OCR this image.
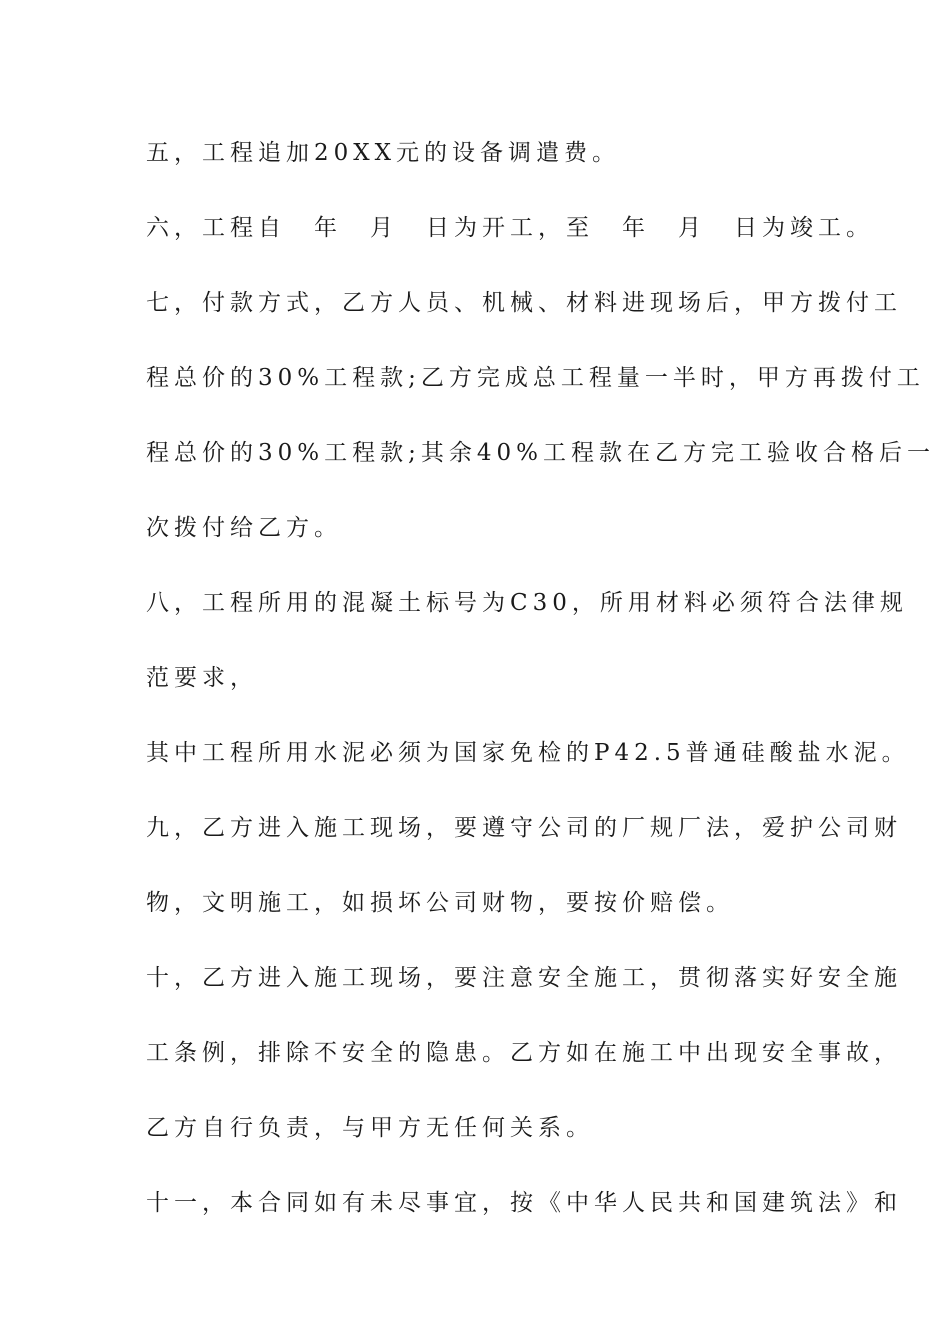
五，工程追加20XX元的设备调遣费。
六，工程自　年　月　日为开工，至　年　月　日为竣工。
七，付款方式，乙方人员、机械、材料进现场后，甲方拨付工
程总价的30%工程款;乙方完成总工程量一半时，甲方再拨付工
程总价的30%工程款;其余40%工程款在乙方完工验收合格后一
次拨付给乙方。
八，工程所用的混凝土标号为C30，所用材料必须符合法律规
范要求，
其中工程所用水泥必须为国家免检的P42.5普通硅酸盐水泥。
九，乙方进入施工现场，要遵守公司的厂规厂法，爱护公司财
物，文明施工，如损坏公司财物，要按价赔偿。
十，乙方进入施工现场，要注意安全施工，贯彻落实好安全施
工条例，排除不安全的隐患。乙方如在施工中出现安全事故，
乙方自行负责，与甲方无任何关系。
十一，本合同如有未尽事宜，按《中华人民共和国建筑法》和
